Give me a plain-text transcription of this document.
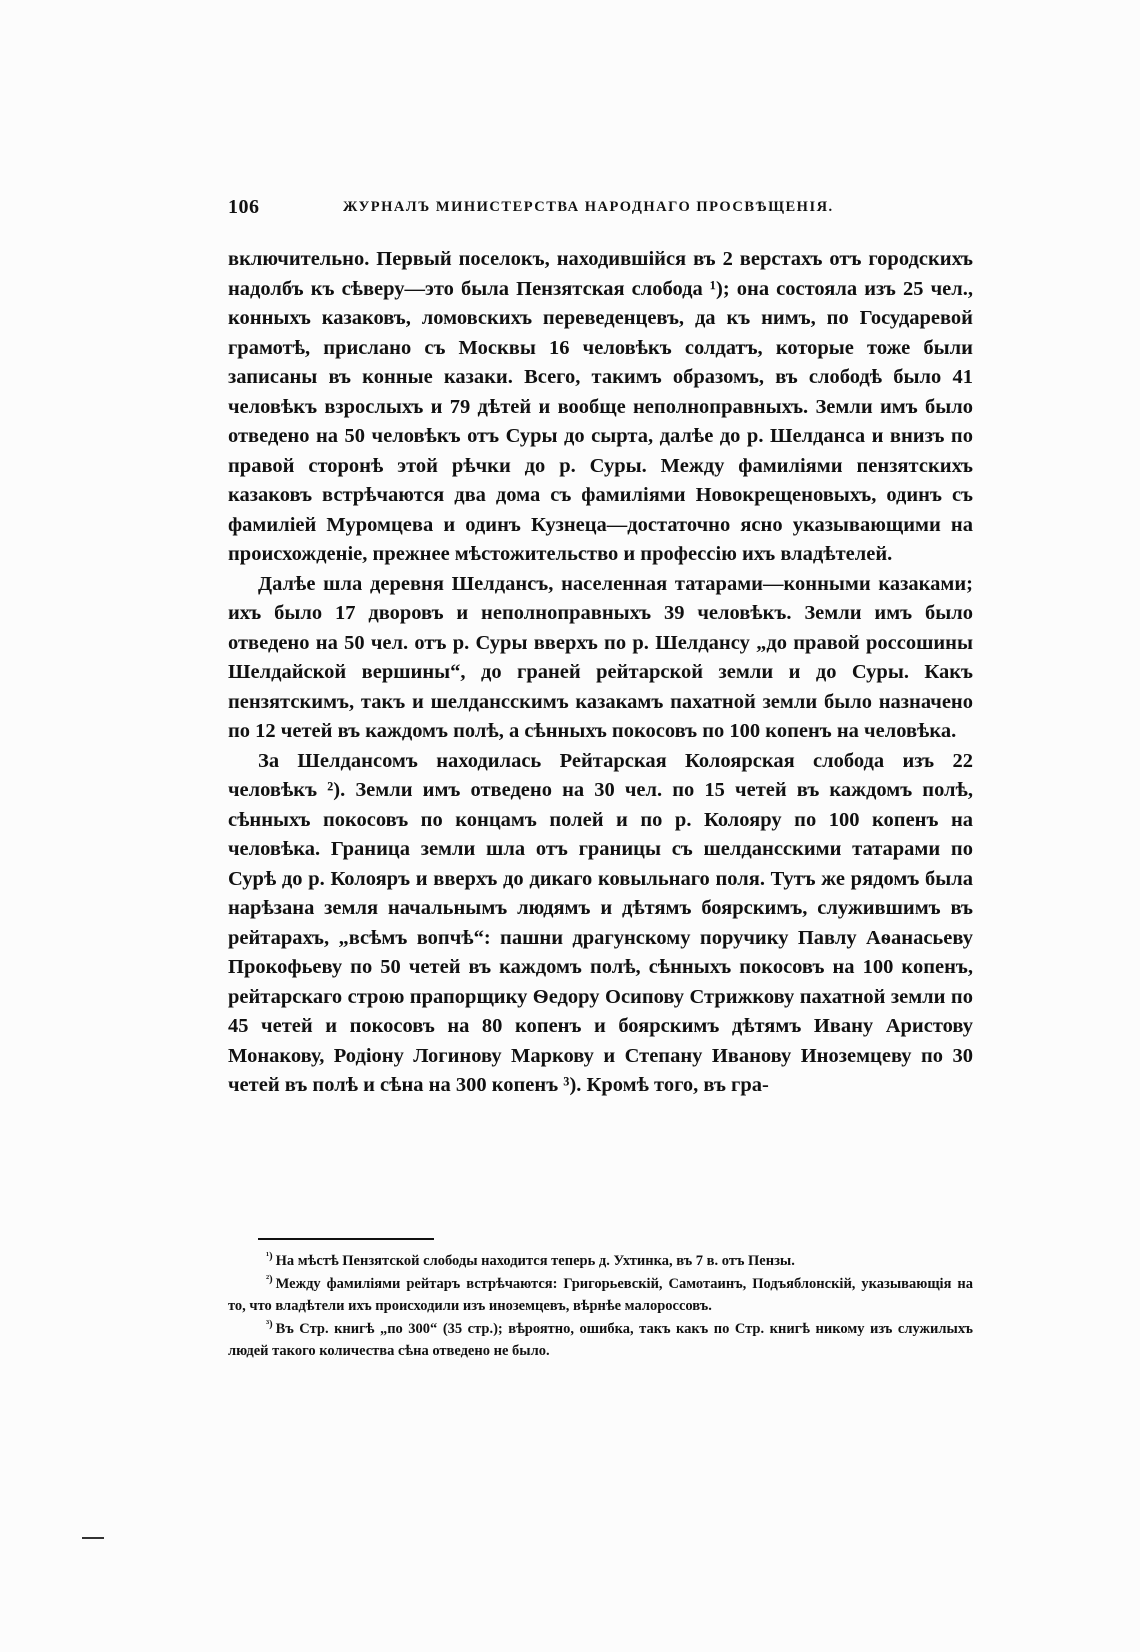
106	ЖУРНАЛЪ МИНИСТЕРСТВА НАРОДНАГО ПРОСВѢЩЕНІЯ.

включительно. Первый поселокъ, находившійся въ 2 верстахъ отъ городскихъ надолбъ къ сѣверу—это была Пензятская слобода ¹); она состояла изъ 25 чел., конныхъ казаковъ, ломовскихъ переведенцевъ, да къ нимъ, по Государевой грамотѣ, прислано съ Москвы 16 человѣкъ солдатъ, которые тоже были записаны въ конные казаки. Всего, такимъ образомъ, въ слободѣ было 41 человѣкъ взрослыхъ и 79 дѣтей и вообще неполноправныхъ. Земли имъ было отведено на 50 человѣкъ отъ Суры до сырта, далѣе до р. Шелданса и внизъ по правой сторонѣ этой рѣчки до р. Суры. Между фамиліями пензятскихъ казаковъ встрѣчаются два дома съ фамиліями Новокрещеновыхъ, одинъ съ фамиліей Муромцева и одинъ Кузнеца—достаточно ясно указывающими на происхожденіе, прежнее мѣстожительство и профессію ихъ владѣтелей.

Далѣе шла деревня Шелдансъ, населенная татарами—конными казаками; ихъ было 17 дворовъ и неполноправныхъ 39 человѣкъ. Земли имъ было отведено на 50 чел. отъ р. Суры вверхъ по р. Шелдансу „до правой россошины Шелдайской вершины“, до граней рейтарской земли и до Суры. Какъ пензятскимъ, такъ и шелдансскимъ казакамъ пахатной земли было назначено по 12 четей въ каждомъ полѣ, а сѣнныхъ покосовъ по 100 копенъ на человѣка.

За Шелдансомъ находилась Рейтарская Колоярская слобода изъ 22 человѣкъ ²). Земли имъ отведено на 30 чел. по 15 четей въ каждомъ полѣ, сѣнныхъ покосовъ по концамъ полей и по р. Колояру по 100 копенъ на человѣка. Граница земли шла отъ границы съ шелдансскими татарами по Сурѣ до р. Колояръ и вверхъ до дикаго ковыльнаго поля. Тутъ же рядомъ была нарѣзана земля начальнымъ людямъ и дѣтямъ боярскимъ, служившимъ въ рейтарахъ, „всѣмъ вопчѣ“: пашни драгунскому поручику Павлу Аѳанасьеву Прокофьеву по 50 четей въ каждомъ полѣ, сѣнныхъ покосовъ на 100 копенъ, рейтарскаго строю прапорщику Ѳедору Осипову Стрижкову пахатной земли по 45 четей и покосовъ на 80 копенъ и боярскимъ дѣтямъ Ивану Аристову Монакову, Родіону Логинову Маркову и Степану Иванову Иноземцеву по 30 четей въ полѣ и сѣна на 300 копенъ ³). Кромѣ того, въ гра-

$^{^1)}$ На мѣстѣ Пензятской слободы находится теперь д. Ухтинка, въ 7 в. отъ Пензы.

$^{^2)}$ Между фамиліями рейтаръ встрѣчаются: Григорьевскій, Самотаинъ, Подъяблонскій, указывающія на то, что владѣтели ихъ происходили изъ иноземцевъ, вѣрнѣе малороссовъ.

$^{^3)}$ Въ Стр. книгѣ „по 300“ (35 стр.); вѣроятно, ошибка, такъ какъ по Стр. книгѣ никому изъ служилыхъ людей такого количества сѣна отведено не было.
